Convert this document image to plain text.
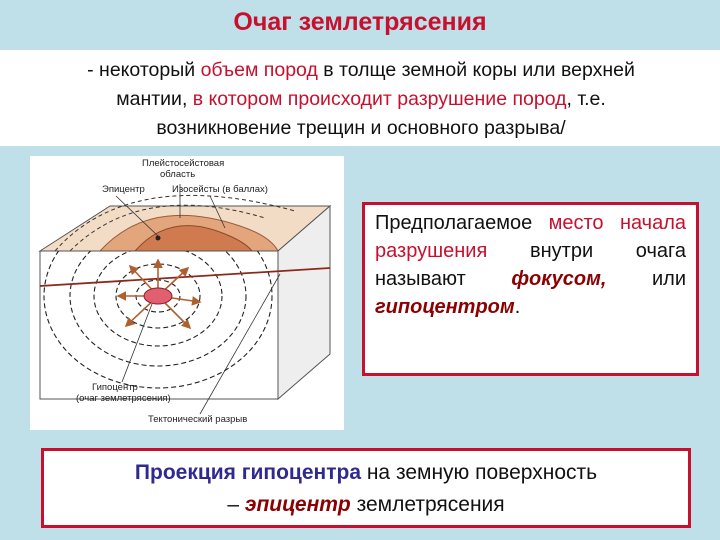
Очаг землетрясения
- некоторый объем пород в толще земной коры или верхней
мантии, в котором происходит разрушение пород, т.е.
возникновение трещин и основного разрыва/
Плейстосейстовая
область
Эпицентр	Изосейсты (в баллах)
Гипоцентр
(очаг землетрясения)
Тектонический разрыв
Предполагаемое место начала разрушения внутри очага называют фокусом, или гипоцентром.
Проекция гипоцентра на земную поверхность
– эпицентр землетрясения
